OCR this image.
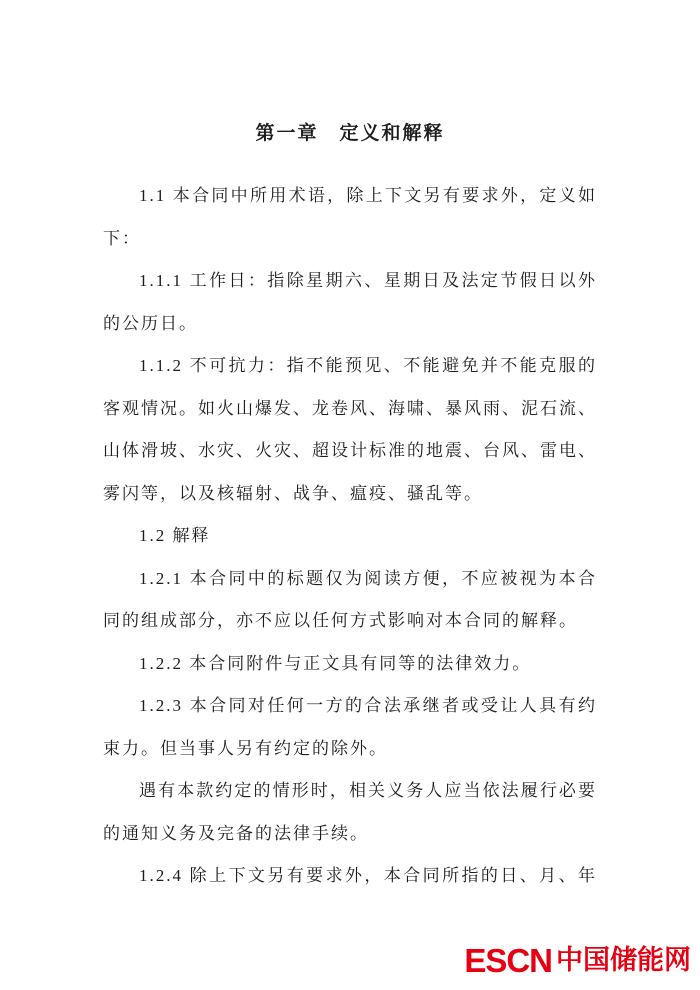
第一章　定义和解释
1.1 本合同中所用术语，除上下文另有要求外，定义如
下：
1.1.1 工作日：指除星期六、星期日及法定节假日以外
的公历日。
1.1.2 不可抗力：指不能预见、不能避免并不能克服的
客观情况。如火山爆发、龙卷风、海啸、暴风雨、泥石流、
山体滑坡、水灾、火灾、超设计标准的地震、台风、雷电、
雾闪等，以及核辐射、战争、瘟疫、骚乱等。
1.2 解释
1.2.1 本合同中的标题仅为阅读方便，不应被视为本合
同的组成部分，亦不应以任何方式影响对本合同的解释。
1.2.2 本合同附件与正文具有同等的法律效力。
1.2.3 本合同对任何一方的合法承继者或受让人具有约
束力。但当事人另有约定的除外。
遇有本款约定的情形时，相关义务人应当依法履行必要
的通知义务及完备的法律手续。
1.2.4 除上下文另有要求外，本合同所指的日、月、年
ESCN 中国储能网
